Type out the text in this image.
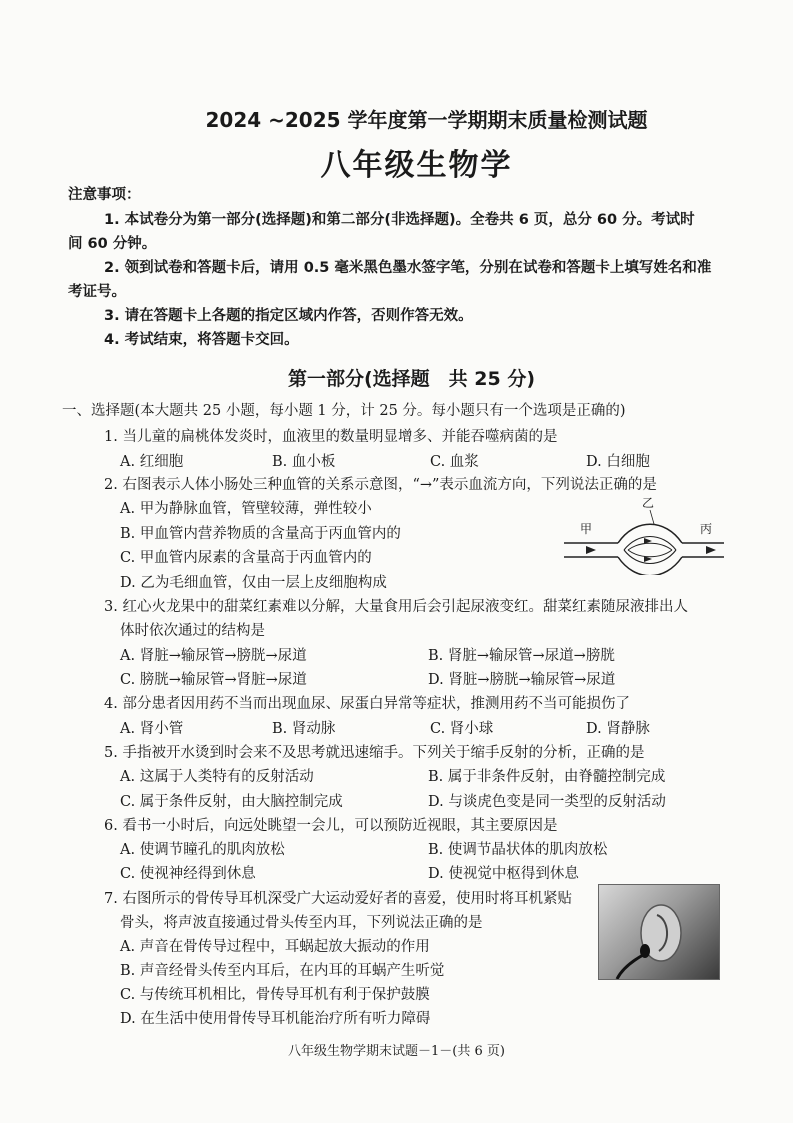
2024 ~2025 学年度第一学期期末质量检测试题
八年级生物学
注意事项：
1. 本试卷分为第一部分(选择题)和第二部分(非选择题)。全卷共 6 页，总分 60 分。考试时
间 60 分钟。
2. 领到试卷和答题卡后，请用 0.5 毫米黑色墨水签字笔，分别在试卷和答题卡上填写姓名和准
考证号。
3. 请在答题卡上各题的指定区域内作答，否则作答无效。
4. 考试结束，将答题卡交回。
第一部分(选择题　共 25 分)
一、选择题(本大题共 25 小题，每小题 1 分，计 25 分。每小题只有一个选项是正确的)
1. 当儿童的扁桃体发炎时，血液里的数量明显增多、并能吞噬病菌的是
A. 红细胞	B. 血小板	C. 血浆	D. 白细胞
2. 右图表示人体小肠处三种血管的关系示意图，“→”表示血流方向，下列说法正确的是
A. 甲为静脉血管，管壁较薄，弹性较小
B. 甲血管内营养物质的含量高于丙血管内的
C. 甲血管内尿素的含量高于丙血管内的
D. 乙为毛细血管，仅由一层上皮细胞构成
甲
乙
丙
3. 红心火龙果中的甜菜红素难以分解，大量食用后会引起尿液变红。甜菜红素随尿液排出人
体时依次通过的结构是
A. 肾脏→输尿管→膀胱→尿道	B. 肾脏→输尿管→尿道→膀胱
C. 膀胱→输尿管→肾脏→尿道	D. 肾脏→膀胱→输尿管→尿道
4. 部分患者因用药不当而出现血尿、尿蛋白异常等症状，推测用药不当可能损伤了
A. 肾小管	B. 肾动脉	C. 肾小球	D. 肾静脉
5. 手指被开水烫到时会来不及思考就迅速缩手。下列关于缩手反射的分析，正确的是
A. 这属于人类特有的反射活动	B. 属于非条件反射，由脊髓控制完成
C. 属于条件反射，由大脑控制完成	D. 与谈虎色变是同一类型的反射活动
6. 看书一小时后，向远处眺望一会儿，可以预防近视眼，其主要原因是
A. 使调节瞳孔的肌肉放松	B. 使调节晶状体的肌肉放松
C. 使视神经得到休息	D. 使视觉中枢得到休息
7. 右图所示的骨传导耳机深受广大运动爱好者的喜爱，使用时将耳机紧贴
骨头，将声波直接通过骨头传至内耳，下列说法正确的是
A. 声音在骨传导过程中，耳蜗起放大振动的作用
B. 声音经骨头传至内耳后，在内耳的耳蜗产生听觉
C. 与传统耳机相比，骨传导耳机有利于保护鼓膜
D. 在生活中使用骨传导耳机能治疗所有听力障碍
八年级生物学期末试题－1－(共 6 页)
